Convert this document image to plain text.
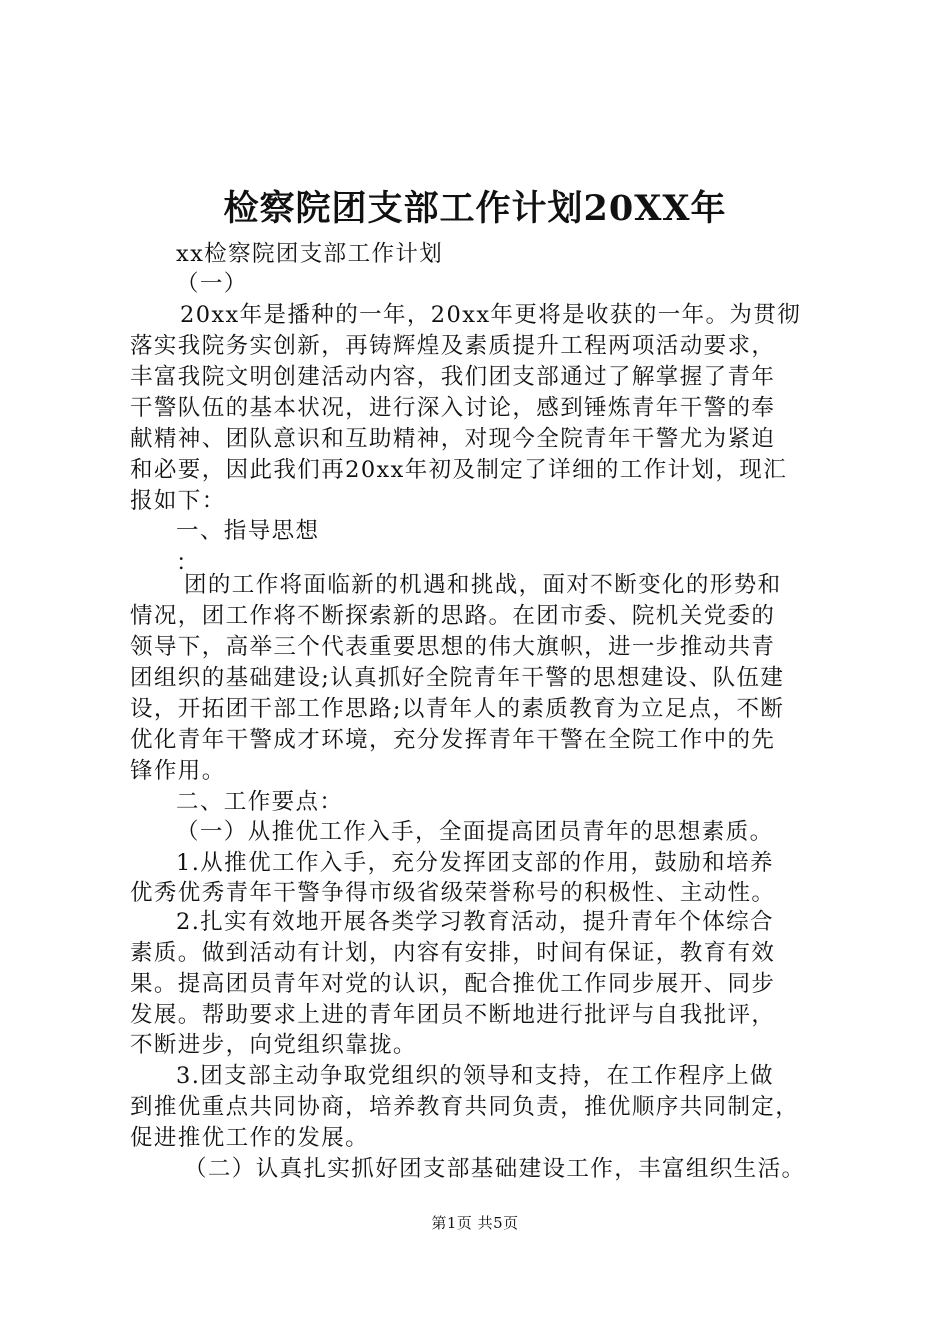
检察院团支部工作计划20XX年
xx检察院团支部工作计划
（一）
20xx年是播种的一年，20xx年更将是收获的一年。为贯彻
落实我院务实创新，再铸辉煌及素质提升工程两项活动要求，
丰富我院文明创建活动内容，我们团支部通过了解掌握了青年
干警队伍的基本状况，进行深入讨论，感到锤炼青年干警的奉
献精神、团队意识和互助精神，对现今全院青年干警尤为紧迫
和必要，因此我们再20xx年初及制定了详细的工作计划，现汇
报如下：
一、指导思想
：
团的工作将面临新的机遇和挑战，面对不断变化的形势和
情况，团工作将不断探索新的思路。在团市委、院机关党委的
领导下，高举三个代表重要思想的伟大旗帜，进一步推动共青
团组织的基础建设;认真抓好全院青年干警的思想建设、队伍建
设，开拓团干部工作思路;以青年人的素质教育为立足点，不断
优化青年干警成才环境，充分发挥青年干警在全院工作中的先
锋作用。
二、工作要点：
（一）从推优工作入手，全面提高团员青年的思想素质。
1.从推优工作入手，充分发挥团支部的作用，鼓励和培养
优秀优秀青年干警争得市级省级荣誉称号的积极性、主动性。
2.扎实有效地开展各类学习教育活动，提升青年个体综合
素质。做到活动有计划，内容有安排，时间有保证，教育有效
果。提高团员青年对党的认识，配合推优工作同步展开、同步
发展。帮助要求上进的青年团员不断地进行批评与自我批评，
不断进步，向党组织靠拢。
3.团支部主动争取党组织的领导和支持，在工作程序上做
到推优重点共同协商，培养教育共同负责，推优顺序共同制定，
促进推优工作的发展。
（二）认真扎实抓好团支部基础建设工作，丰富组织生活。
第1页 共5页
